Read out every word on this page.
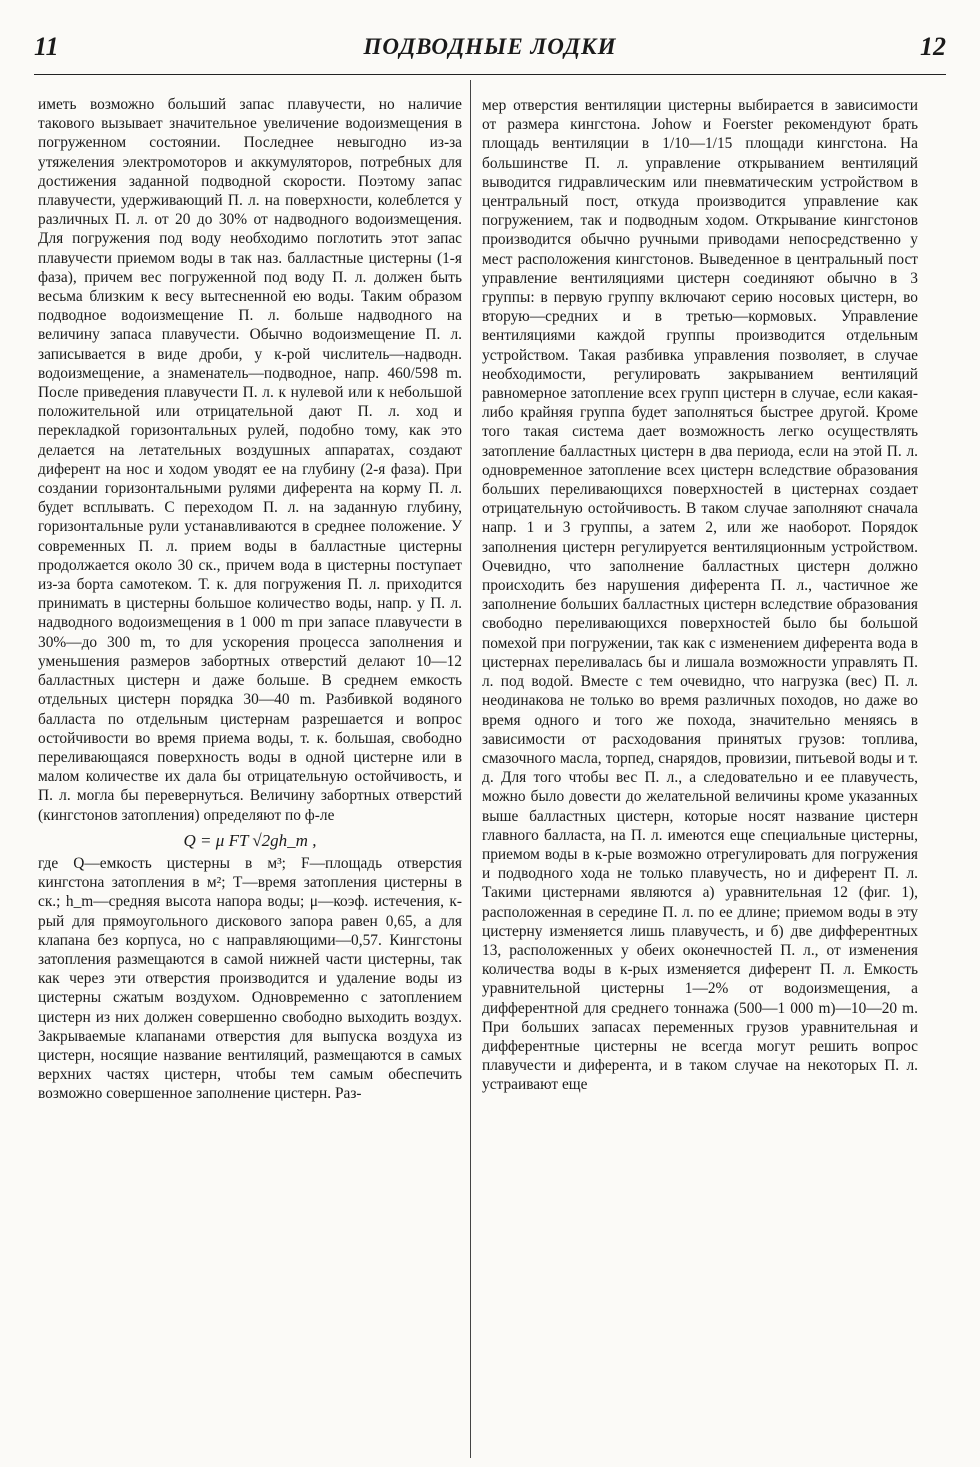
11	ПОДВОДНЫЕ ЛОДКИ	12

иметь возможно больший запас плавучести, но наличие такового вызывает значительное увеличение водоизмещения в погруженном состоянии. Последнее невыгодно из-за утяжеления электромоторов и аккумуляторов, потребных для достижения заданной подводной скорости. Поэтому запас плавучести, удерживающий П. л. на поверхности, колеблется у различных П. л. от 20 до 30% от надводного водоизмещения. Для погружения под воду необходимо поглотить этот запас плавучести приемом воды в так наз. балластные цистерны (1-я фаза), причем вес погруженной под воду П. л. должен быть весьма близким к весу вытесненной ею воды. Таким образом подводное водоизмещение П. л. больше надводного на величину запаса плавучести. Обычно водоизмещение П. л. записывается в виде дроби, у к-рой числитель—надводн. водоизмещение, а знаменатель—подводное, напр. 460/598 m. После приведения плавучести П. л. к нулевой или к небольшой положительной или отрицательной дают П. л. ход и перекладкой горизонтальных рулей, подобно тому, как это делается на летательных воздушных аппаратах, создают диферент на нос и ходом уводят ее на глубину (2-я фаза). При создании горизонтальными рулями диферента на корму П. л. будет всплывать. С переходом П. л. на заданную глубину, горизонтальные рули устанавливаются в среднее положение. У современных П. л. прием воды в балластные цистерны продолжается около 30 ск., причем вода в цистерны поступает из-за борта самотеком. Т. к. для погружения П. л. приходится принимать в цистерны большое количество воды, напр. у П. л. надводного водоизмещения в 1 000 m при запасе плавучести в 30%—до 300 m, то для ускорения процесса заполнения и уменьшения размеров забортных отверстий делают 10—12 балластных цистерн и даже больше. В среднем емкость отдельных цистерн порядка 30—40 m. Разбивкой водяного балласта по отдельным цистернам разрешается и вопрос остойчивости во время приема воды, т. к. большая, свободно переливающаяся поверхность воды в одной цистерне или в малом количестве их дала бы отрицательную остойчивость, и П. л. могла бы перевернуться. Величину забортных отверстий (кингстонов затопления) определяют по ф-ле

Q = μ FT √2gh_m ,

где Q—емкость цистерны в м³; F—площадь отверстия кингстона затопления в м²; T—время затопления цистерны в ск.; h_m—средняя высота напора воды; μ—коэф. истечения, к-рый для прямоугольного дискового запора равен 0,65, а для клапана без корпуса, но с направляющими—0,57. Кингстоны затопления размещаются в самой нижней части цистерны, так как через эти отверстия производится и удаление воды из цистерны сжатым воздухом. Одновременно с затоплением цистерн из них должен совершенно свободно выходить воздух. Закрываемые клапанами отверстия для выпуска воздуха из цистерн, носящие название вентиляций, размещаются в самых верхних частях цистерн, чтобы тем самым обеспечить возможно совершенное заполнение цистерн. Раз-

мер отверстия вентиляции цистерны выбирается в зависимости от размера кингстона. Johow и Foerster рекомендуют брать площадь вентиляции в 1/10—1/15 площади кингстона. На большинстве П. л. управление открыванием вентиляций выводится гидравлическим или пневматическим устройством в центральный пост, откуда производится управление как погружением, так и подводным ходом. Открывание кингстонов производится обычно ручными приводами непосредственно у мест расположения кингстонов. Выведенное в центральный пост управление вентиляциями цистерн соединяют обычно в 3 группы: в первую группу включают серию носовых цистерн, во вторую—средних и в третью—кормовых. Управление вентиляциями каждой группы производится отдельным устройством. Такая разбивка управления позволяет, в случае необходимости, регулировать закрыванием вентиляций равномерное затопление всех групп цистерн в случае, если какая-либо крайняя группа будет заполняться быстрее другой. Кроме того такая система дает возможность легко осуществлять затопление балластных цистерн в два периода, если на этой П. л. одновременное затопление всех цистерн вследствие образования больших переливающихся поверхностей в цистернах создает отрицательную остойчивость. В таком случае заполняют сначала напр. 1 и 3 группы, а затем 2, или же наоборот. Порядок заполнения цистерн регулируется вентиляционным устройством. Очевидно, что заполнение балластных цистерн должно происходить без нарушения диферента П. л., частичное же заполнение больших балластных цистерн вследствие образования свободно переливающихся поверхностей было бы большой помехой при погружении, так как с изменением диферента вода в цистернах переливалась бы и лишала возможности управлять П. л. под водой. Вместе с тем очевидно, что нагрузка (вес) П. л. неодинакова не только во время различных походов, но даже во время одного и того же похода, значительно меняясь в зависимости от расходования принятых грузов: топлива, смазочного масла, торпед, снарядов, провизии, питьевой воды и т. д. Для того чтобы вес П. л., а следовательно и ее плавучесть, можно было довести до желательной величины кроме указанных выше балластных цистерн, которые носят название цистерн главного балласта, на П. л. имеются еще специальные цистерны, приемом воды в к-рые возможно отрегулировать для погружения и подводного хода не только плавучесть, но и диферент П. л. Такими цистернами являются а) уравнительная 12 (фиг. 1), расположенная в середине П. л. по ее длине; приемом воды в эту цистерну изменяется лишь плавучесть, и б) две дифферентных 13, расположенных у обеих оконечностей П. л., от изменения количества воды в к-рых изменяется диферент П. л. Емкость уравнительной цистерны 1—2% от водоизмещения, а дифферентной для среднего тоннажа (500—1 000 m)—10—20 m. При больших запасах переменных грузов уравнительная и дифферентные цистерны не всегда могут решить вопрос плавучести и диферента, и в таком случае на некоторых П. л. устраивают еще
